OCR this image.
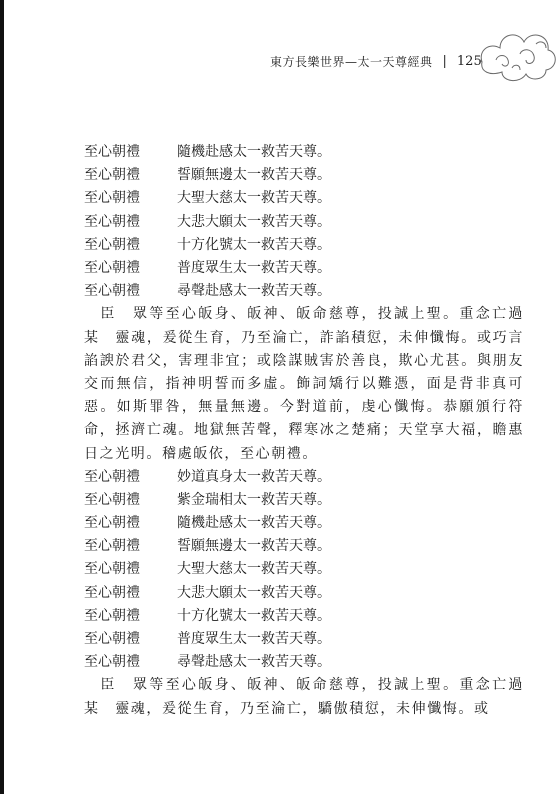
東方長樂世界—太一天尊經典 | 125
至心朝禮	隨機赴感太一救苦天尊。
至心朝禮	誓願無邊太一救苦天尊。
至心朝禮	大聖大慈太一救苦天尊。
至心朝禮	大悲大願太一救苦天尊。
至心朝禮	十方化號太一救苦天尊。
至心朝禮	普度眾生太一救苦天尊。
至心朝禮	尋聲赴感太一救苦天尊。

　臣　眾等至心皈身、皈神、皈命慈尊，投誠上聖。重念亡過　某　靈魂，爰從生育，乃至淪亡，詐諂積愆，未伸懺悔。或巧言諂諛於君父，害理非宜；或陰謀賊害於善良，欺心尤甚。與朋友交而無信，指神明誓而多虛。飾詞矯行以難憑，面是背非真可惡。如斯罪咎，無量無邊。今對道前，虔心懺悔。恭願頒行符命，拯濟亡魂。地獄無苦聲，釋寒冰之楚痛；天堂享大福，瞻惠日之光明。稽處皈依，至心朝禮。

至心朝禮	妙道真身太一救苦天尊。
至心朝禮	紫金瑞相太一救苦天尊。
至心朝禮	隨機赴感太一救苦天尊。
至心朝禮	誓願無邊太一救苦天尊。
至心朝禮	大聖大慈太一救苦天尊。
至心朝禮	大悲大願太一救苦天尊。
至心朝禮	十方化號太一救苦天尊。
至心朝禮	普度眾生太一救苦天尊。
至心朝禮	尋聲赴感太一救苦天尊。

　臣　眾等至心皈身、皈神、皈命慈尊，投誠上聖。重念亡過　某　靈魂，爰從生育，乃至淪亡，驕傲積愆，未伸懺悔。或
